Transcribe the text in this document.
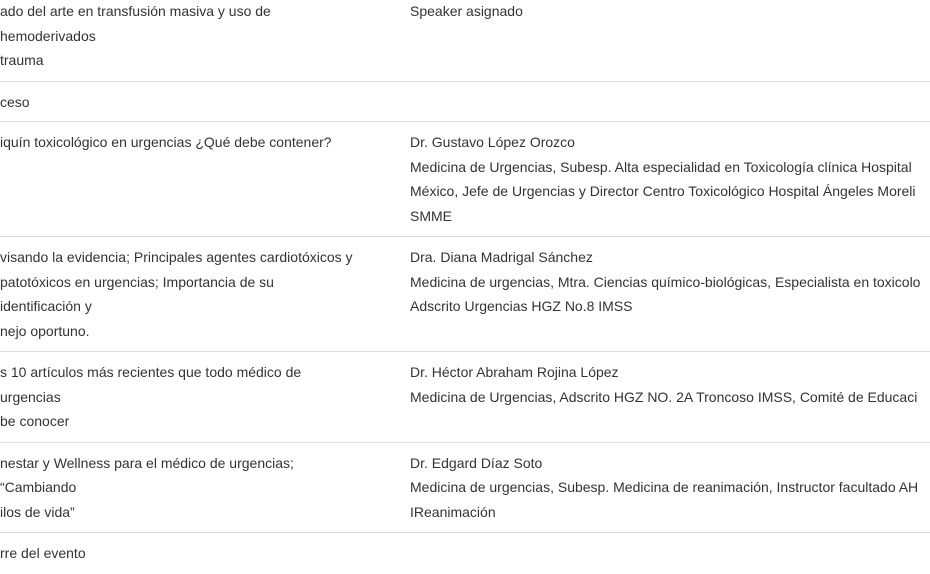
ado del arte en transfusión masiva y uso de hemoderivados
trauma
Speaker asignado
ceso
iquín toxicológico en urgencias ¿Qué debe contener?	Dr. Gustavo López Orozco
Medicina de Urgencias, Subesp. Alta especialidad en Toxicología clínica Hospital
México, Jefe de Urgencias y Director Centro Toxicológico Hospital Ángeles Moreli
SMME
visando la evidencia; Principales agentes cardiotóxicos y
patotóxicos en urgencias; Importancia de su identificación y
nejo oportuno.
Dra. Diana Madrigal Sánchez
Medicina de urgencias, Mtra. Ciencias químico-biológicas, Especialista en toxicolo
Adscrito Urgencias HGZ No.8 IMSS
s 10 artículos más recientes que todo médico de urgencias
be conocer
Dr. Héctor Abraham Rojina López
Medicina de Urgencias, Adscrito HGZ NO. 2A Troncoso IMSS, Comité de Educaci
nestar y Wellness para el médico de urgencias; “Cambiando
ilos de vida”
Dr. Edgard Díaz Soto
Medicina de urgencias, Subesp. Medicina de reanimación, Instructor facultado AH
IReanimación
rre del evento
